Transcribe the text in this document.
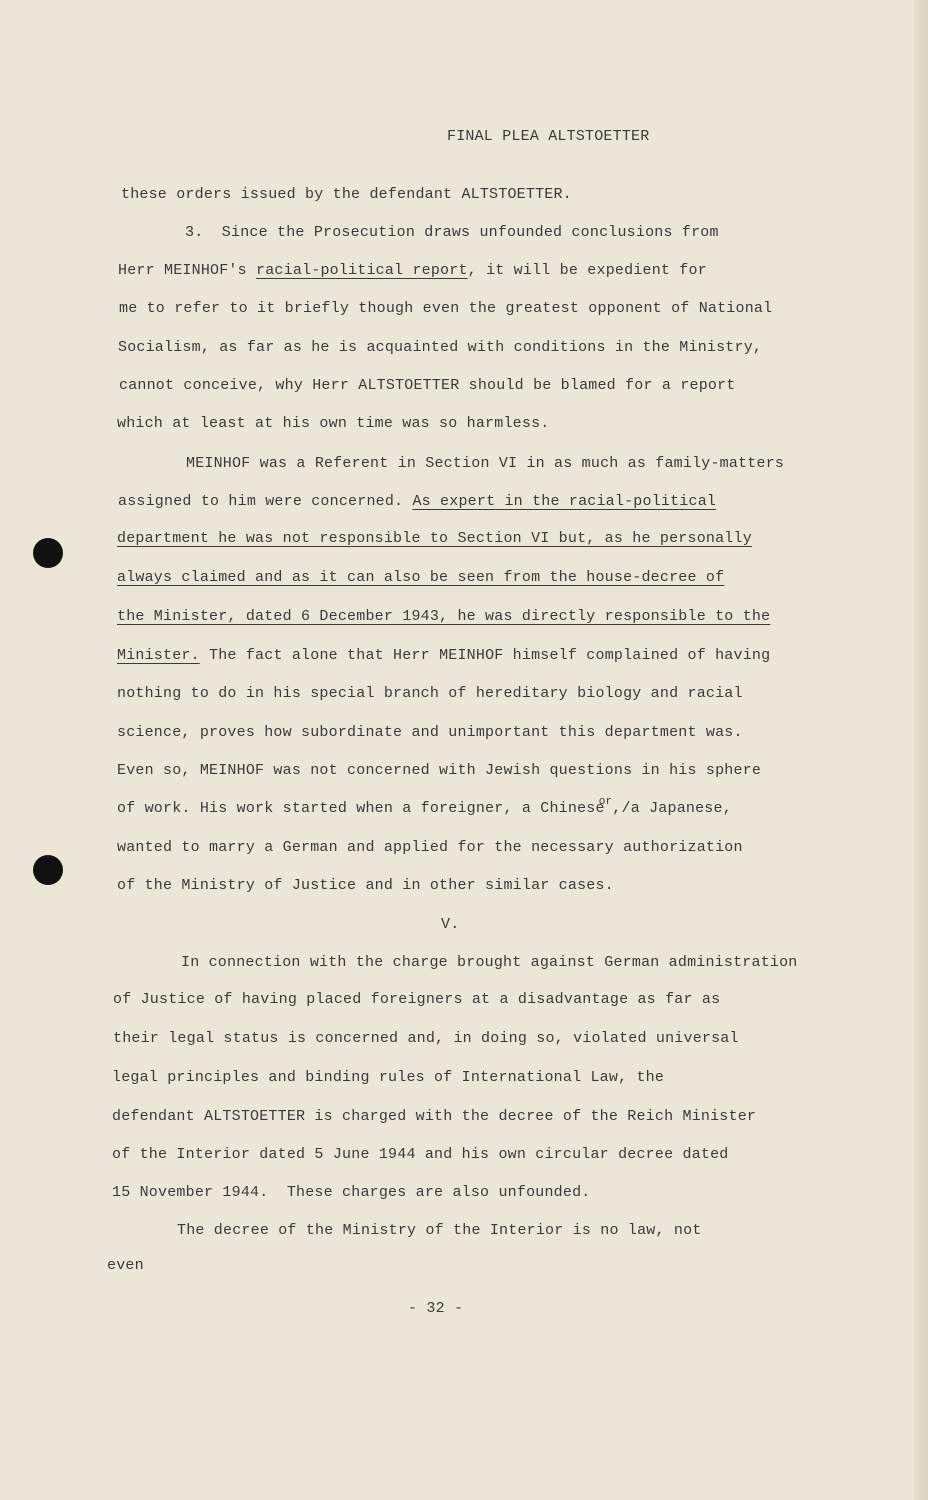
FINAL PLEA ALTSTOETTER
these orders issued by the defendant ALTSTOETTER.
3.  Since the Prosecution draws unfounded conclusions from
Herr MEINHOF's racial-political report, it will be expedient for
me to refer to it briefly though even the greatest opponent of National
Socialism, as far as he is acquainted with conditions in the Ministry,
cannot conceive, why Herr ALTSTOETTER should be blamed for a report
which at least at his own time was so harmless.
MEINHOF was a Referent in Section VI in as much as family-matters
assigned to him were concerned. As expert in the racial-political
department he was not responsible to Section VI but, as he personally
always claimed and as it can also be seen from the house-decree of
the Minister, dated 6 December 1943, he was directly responsible to the
Minister. The fact alone that Herr MEINHOF himself complained of having
nothing to do in his special branch of hereditary biology and racial
science, proves how subordinate and unimportant this department was.
Even so, MEINHOF was not concerned with Jewish questions in his sphere
of work. His work started when a foreigner, a Chinese$^{or}$,/a Japanese,
wanted to marry a German and applied for the necessary authorization
of the Ministry of Justice and in other similar cases.
V.
In connection with the charge brought against German administration
of Justice of having placed foreigners at a disadvantage as far as
their legal status is concerned and, in doing so, violated universal
legal principles and binding rules of International Law, the
defendant ALTSTOETTER is charged with the decree of the Reich Minister
of the Interior dated 5 June 1944 and his own circular decree dated
15 November 1944.  These charges are also unfounded.
The decree of the Ministry of the Interior is no law, not
even
- 32 -
